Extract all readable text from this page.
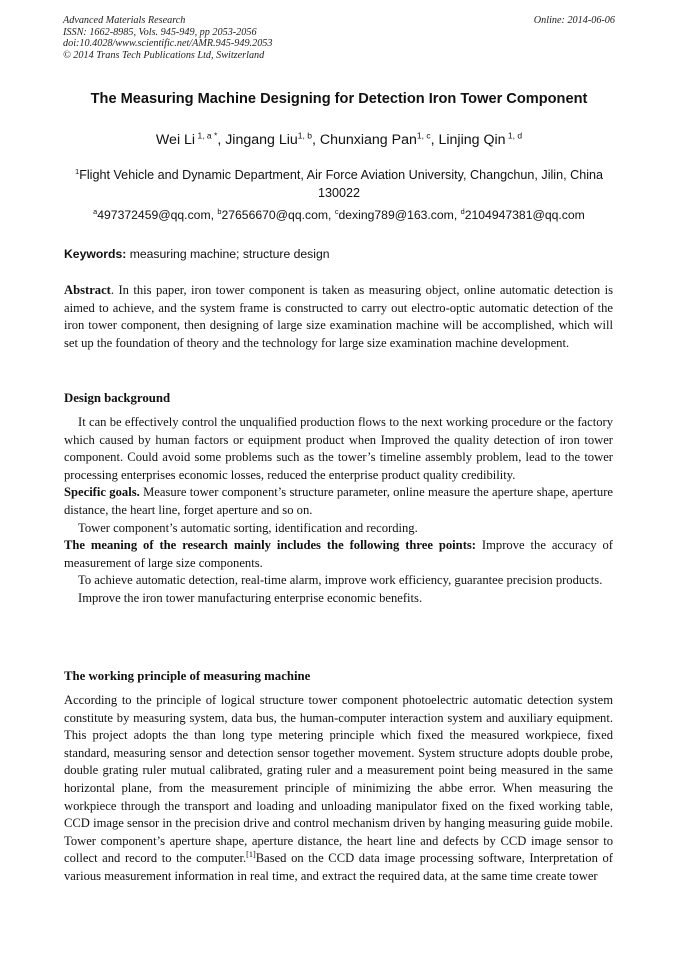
Advanced Materials Research
ISSN: 1662-8985, Vols. 945-949, pp 2053-2056
doi:10.4028/www.scientific.net/AMR.945-949.2053
© 2014 Trans Tech Publications Ltd, Switzerland
Online: 2014-06-06
The Measuring Machine Designing for Detection Iron Tower Component
Wei Li $^{1, a *}$, Jingang Liu$^{1, b}$, Chunxiang Pan$^{1, c}$, Linjing Qin $^{1, d}$
$^1$Flight Vehicle and Dynamic Department, Air Force Aviation University, Changchun, Jilin, China 130022
$^a$497372459@qq.com, $^b$27656670@qq.com, $^c$dexing789@163.com, $^d$2104947381@qq.com
Keywords: measuring machine; structure design

Abstract. In this paper, iron tower component is taken as measuring object, online automatic detection is aimed to achieve, and the system frame is constructed to carry out electro-optic automatic detection of the iron tower component, then designing of large size examination machine will be accomplished, which will set up the foundation of theory and the technology for large size examination machine development.

Design background

It can be effectively control the unqualified production flows to the next working procedure or the factory which caused by human factors or equipment product when Improved the quality detection of iron tower component. Could avoid some problems such as the tower’s timeline assembly problem, lead to the tower processing enterprises economic losses, reduced the enterprise product quality credibility.

Specific goals. Measure tower component’s structure parameter, online measure the aperture shape, aperture distance, the heart line, forget aperture and so on.

Tower component’s automatic sorting, identification and recording.

The meaning of the research mainly includes the following three points: Improve the accuracy of measurement of large size components.

To achieve automatic detection, real-time alarm, improve work efficiency, guarantee precision products.

Improve the iron tower manufacturing enterprise economic benefits.

The working principle of measuring machine

According to the principle of logical structure tower component photoelectric automatic detection system constitute by measuring system, data bus, the human-computer interaction system and auxiliary equipment. This project adopts the than long type metering principle which fixed the measured workpiece, fixed standard, measuring sensor and detection sensor together movement. System structure adopts double probe, double grating ruler mutual calibrated, grating ruler and a measurement point being measured in the same horizontal plane, from the measurement principle of minimizing the abbe error. When measuring the workpiece through the transport and loading and unloading manipulator fixed on the fixed working table, CCD image sensor in the precision drive and control mechanism driven by hanging measuring guide mobile. Tower component’s aperture shape, aperture distance, the heart line and defects by CCD image sensor to collect and record to the computer.[1]Based on the CCD data image processing software, Interpretation of various measurement information in real time, and extract the required data, at the same time create tower
